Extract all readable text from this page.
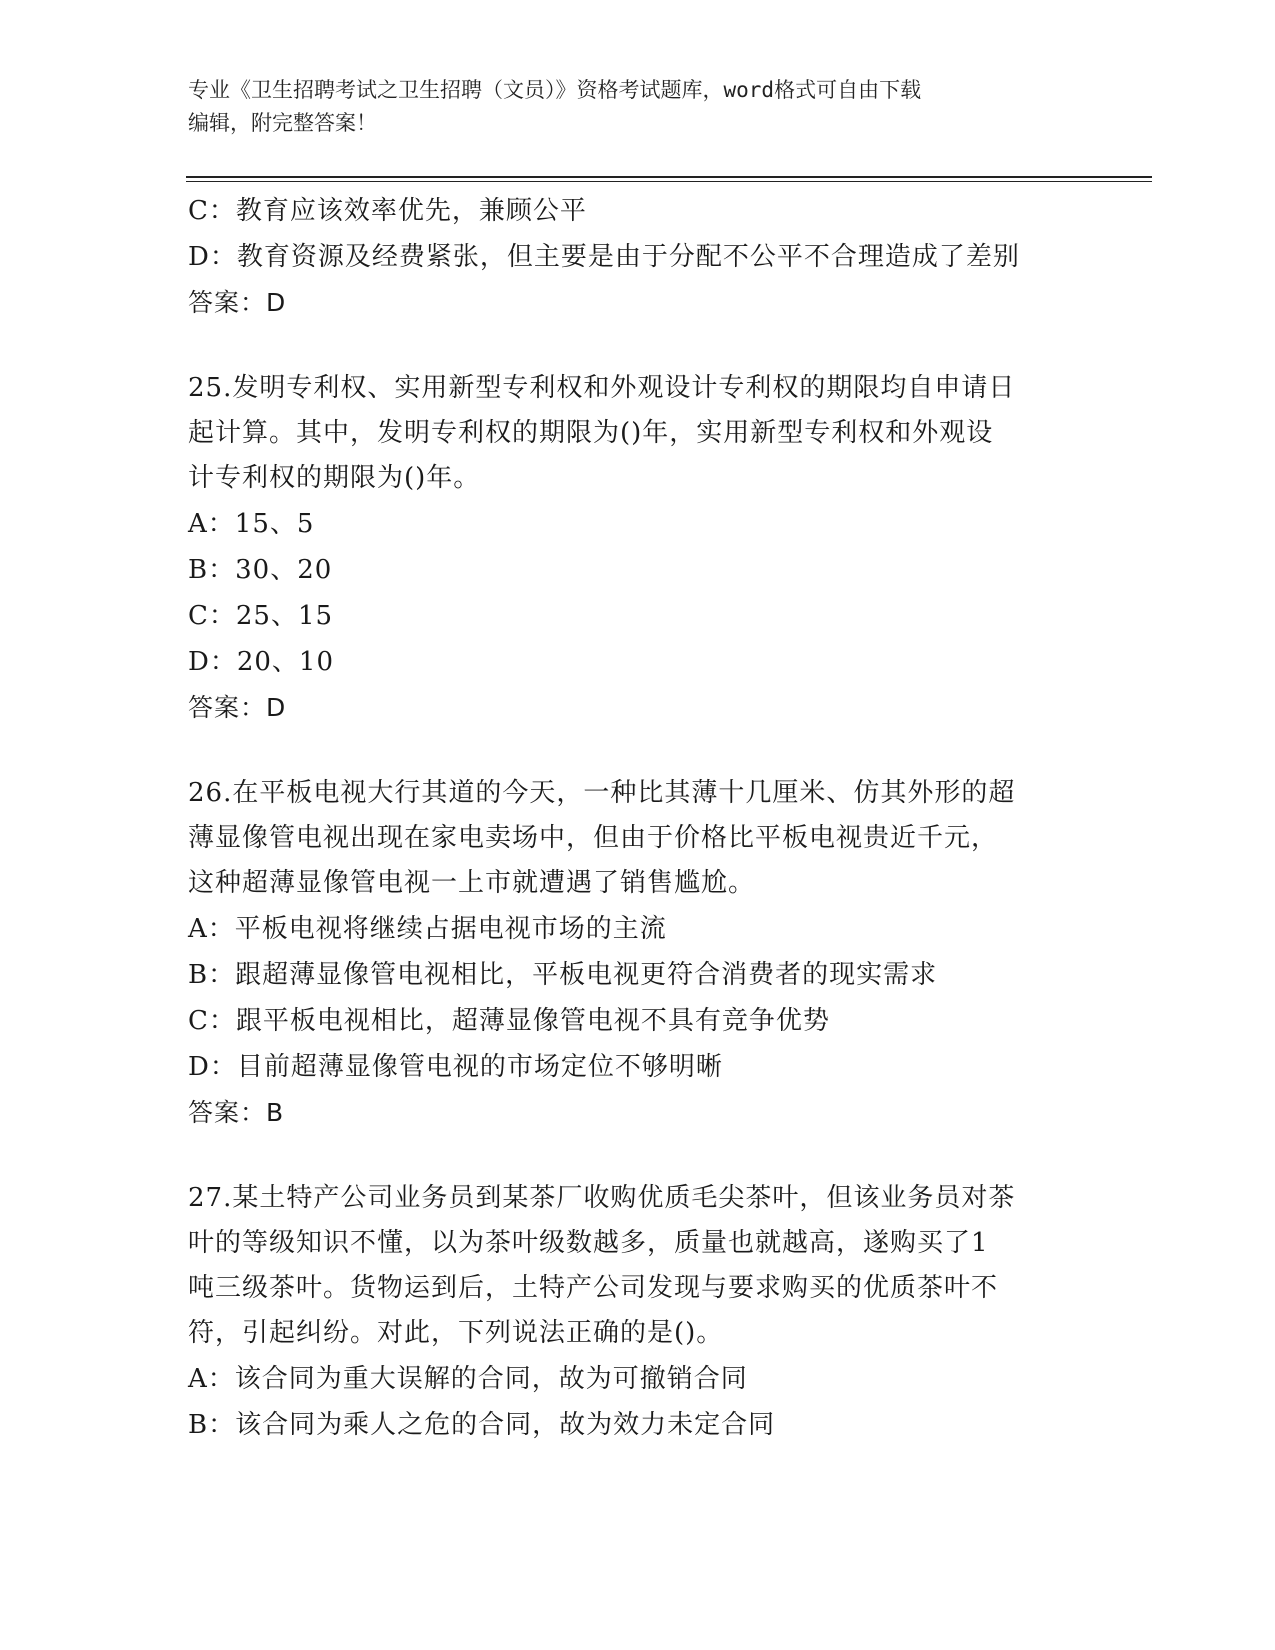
专业《卫生招聘考试之卫生招聘（文员）》资格考试题库，word格式可自由下载
编辑，附完整答案！
C：教育应该效率优先，兼顾公平
D：教育资源及经费紧张，但主要是由于分配不公平不合理造成了差别
答案：D
25.发明专利权、实用新型专利权和外观设计专利权的期限均自申请日
起计算。其中，发明专利权的期限为()年，实用新型专利权和外观设
计专利权的期限为()年。
A：15、5
B：30、20
C：25、15
D：20、10
答案：D
26.在平板电视大行其道的今天，一种比其薄十几厘米、仿其外形的超
薄显像管电视出现在家电卖场中，但由于价格比平板电视贵近千元，
这种超薄显像管电视一上市就遭遇了销售尴尬。
A：平板电视将继续占据电视市场的主流
B：跟超薄显像管电视相比，平板电视更符合消费者的现实需求
C：跟平板电视相比，超薄显像管电视不具有竞争优势
D：目前超薄显像管电视的市场定位不够明晰
答案：B
27.某土特产公司业务员到某茶厂收购优质毛尖茶叶，但该业务员对茶
叶的等级知识不懂，以为茶叶级数越多，质量也就越高，遂购买了1
吨三级茶叶。货物运到后，土特产公司发现与要求购买的优质茶叶不
符，引起纠纷。对此，下列说法正确的是()。
A：该合同为重大误解的合同，故为可撤销合同
B：该合同为乘人之危的合同，故为效力未定合同
